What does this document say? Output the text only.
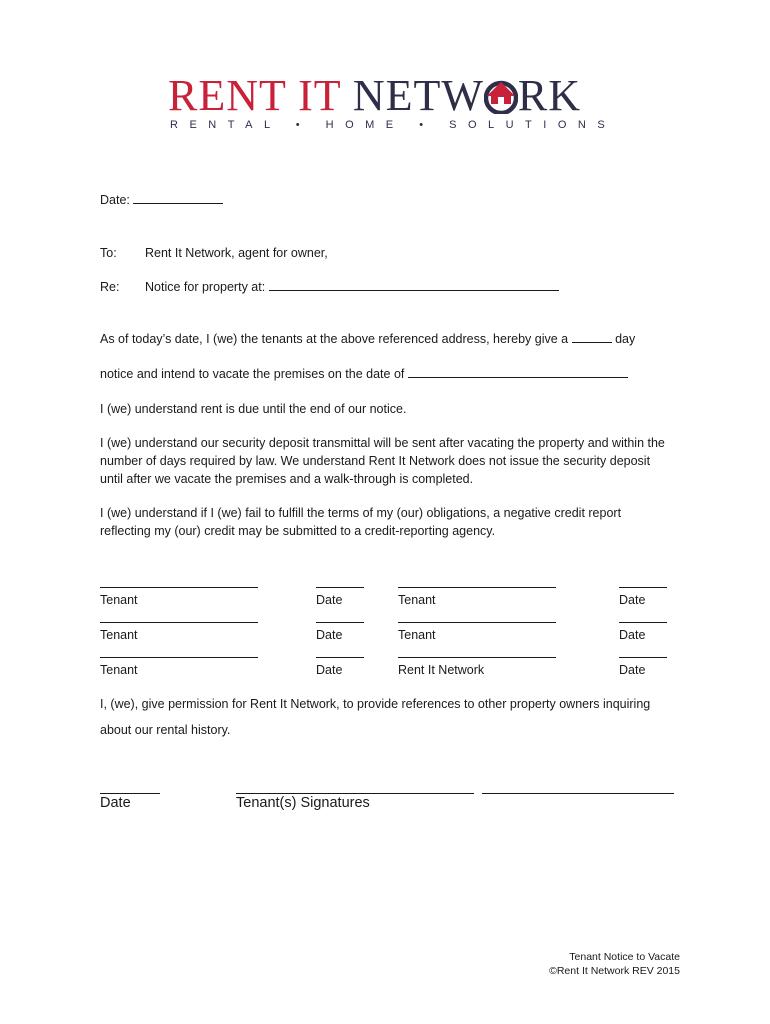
RENT IT NETW RK
RENTAL • HOME • SOLUTIONS
Date:
To: Rent It Network, agent for owner,
Re: Notice for property at:
As of today’s date, I (we) the tenants at the above referenced address, hereby give a	day
notice and intend to vacate the premises on the date of
I (we) understand rent is due until the end of our notice.
I (we) understand our security deposit transmittal will be sent after vacating the property and within the number of days required by law. We understand Rent It Network does not issue the security deposit until after we vacate the premises and a walk-through is completed.
I (we) understand if I (we) fail to fulfill the terms of my (our) obligations, a negative credit report reflecting my (our) credit may be submitted to a credit-reporting agency.
Tenant	Date	Tenant	Date
Tenant	Date	Tenant	Date
Tenant	Date	Rent It Network	Date
I, (we), give permission for Rent It Network, to provide references to other property owners inquiring
about our rental history.
Date	Tenant(s) Signatures
Tenant Notice to Vacate
©Rent It Network REV 2015
